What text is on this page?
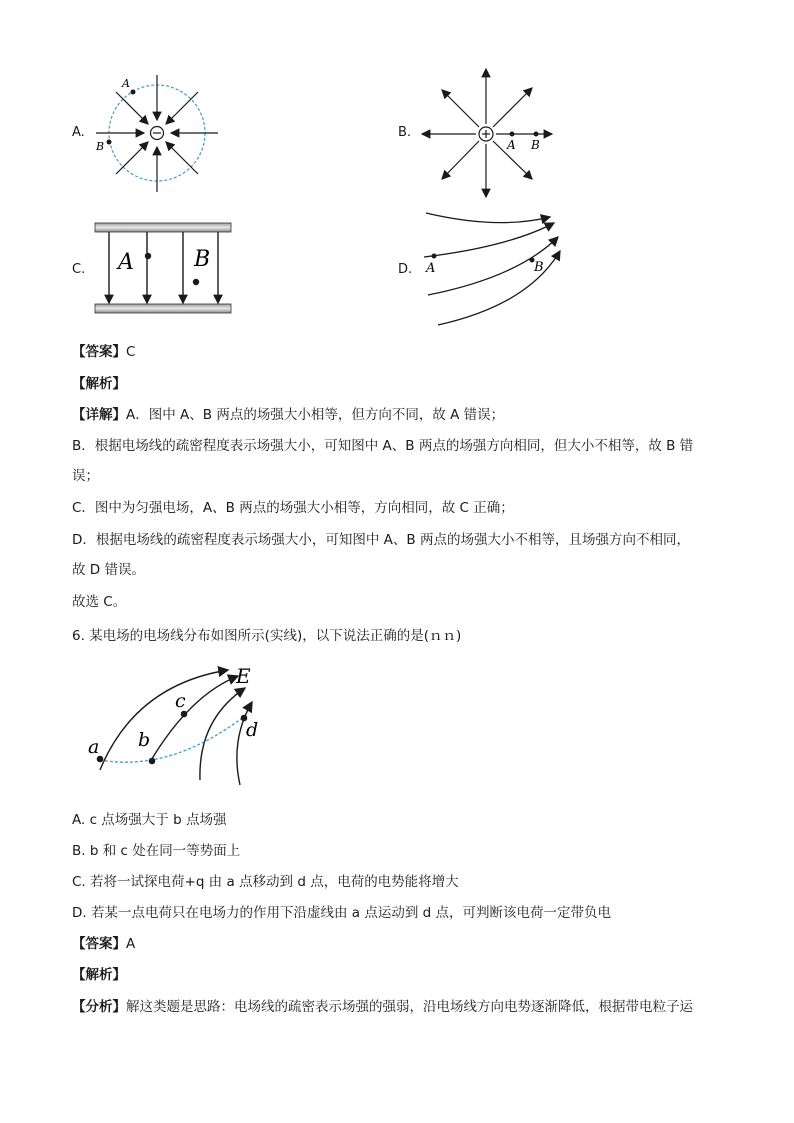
A.
A
B
B.
A B
C. A	B	D. A	B
【答案】C
【解析】
【详解】A．图中 A、B 两点的场强大小相等，但方向不同，故 A 错误；
B．根据电场线的疏密程度表示场强大小，可知图中 A、B 两点的场强方向相同，但大小不相等，故 B 错
误；
C．图中为匀强电场，A、B 两点的场强大小相等，方向相同，故 C 正确；
D．根据电场线的疏密程度表示场强大小，可知图中 A、B 两点的场强大小不相等，且场强方向不相同，
故 D 错误。
故选 C。
6. 某电场的电场线分布如图所示(实线)，以下说法正确的是(ｎｎ)
a b
c
d
E
A. c 点场强大于 b 点场强
B. b 和 c 处在同一等势面上
C. 若将一试探电荷+q 由 a 点移动到 d 点，电荷的电势能将增大
D. 若某一点电荷只在电场力的作用下沿虚线由 a 点运动到 d 点，可判断该电荷一定带负电
【答案】A
【解析】
【分析】解这类题是思路：电场线的疏密表示场强的强弱，沿电场线方向电势逐渐降低，根据带电粒子运
